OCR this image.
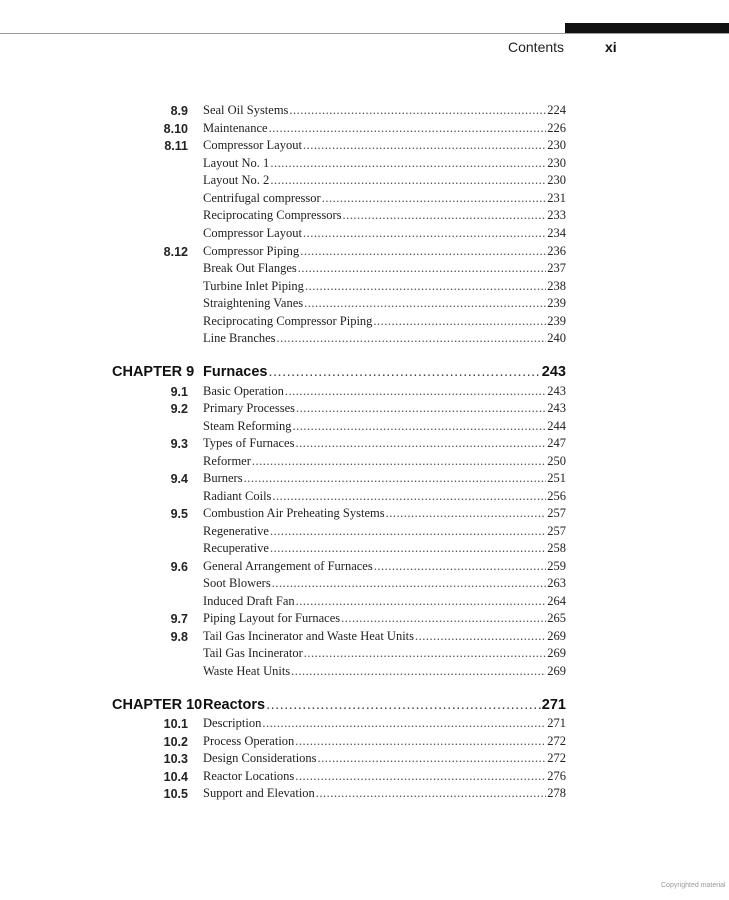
Contents	xi
8.9 Seal Oil Systems .....	224
8.10 Maintenance .....	226
8.11 Compressor Layout .....	230
Layout No. 1 .....	230
Layout No. 2 .....	230
Centrifugal compressor .....	231
Reciprocating Compressors .....	233
Compressor Layout .....	234
8.12 Compressor Piping .....	236
Break Out Flanges .....	237
Turbine Inlet Piping .....	238
Straightening Vanes .....	239
Reciprocating Compressor Piping .....	239
Line Branches .....	240
CHAPTER 9 Furnaces .....	243
9.1 Basic Operation .....	243
9.2 Primary Processes .....	243
Steam Reforming .....	244
9.3 Types of Furnaces .....	247
Reformer .....	250
9.4 Burners .....	251
Radiant Coils .....	256
9.5 Combustion Air Preheating Systems .....	257
Regenerative .....	257
Recuperative .....	258
9.6 General Arrangement of Furnaces .....	259
Soot Blowers .....	263
Induced Draft Fan .....	264
9.7 Piping Layout for Furnaces .....	265
9.8 Tail Gas Incinerator and Waste Heat Units .....	269
Tail Gas Incinerator .....	269
Waste Heat Units .....	269
CHAPTER 10 Reactors .....	271
10.1 Description .....	271
10.2 Process Operation .....	272
10.3 Design Considerations .....	272
10.4 Reactor Locations .....	276
10.5 Support and Elevation .....	278
Copyrighted material
